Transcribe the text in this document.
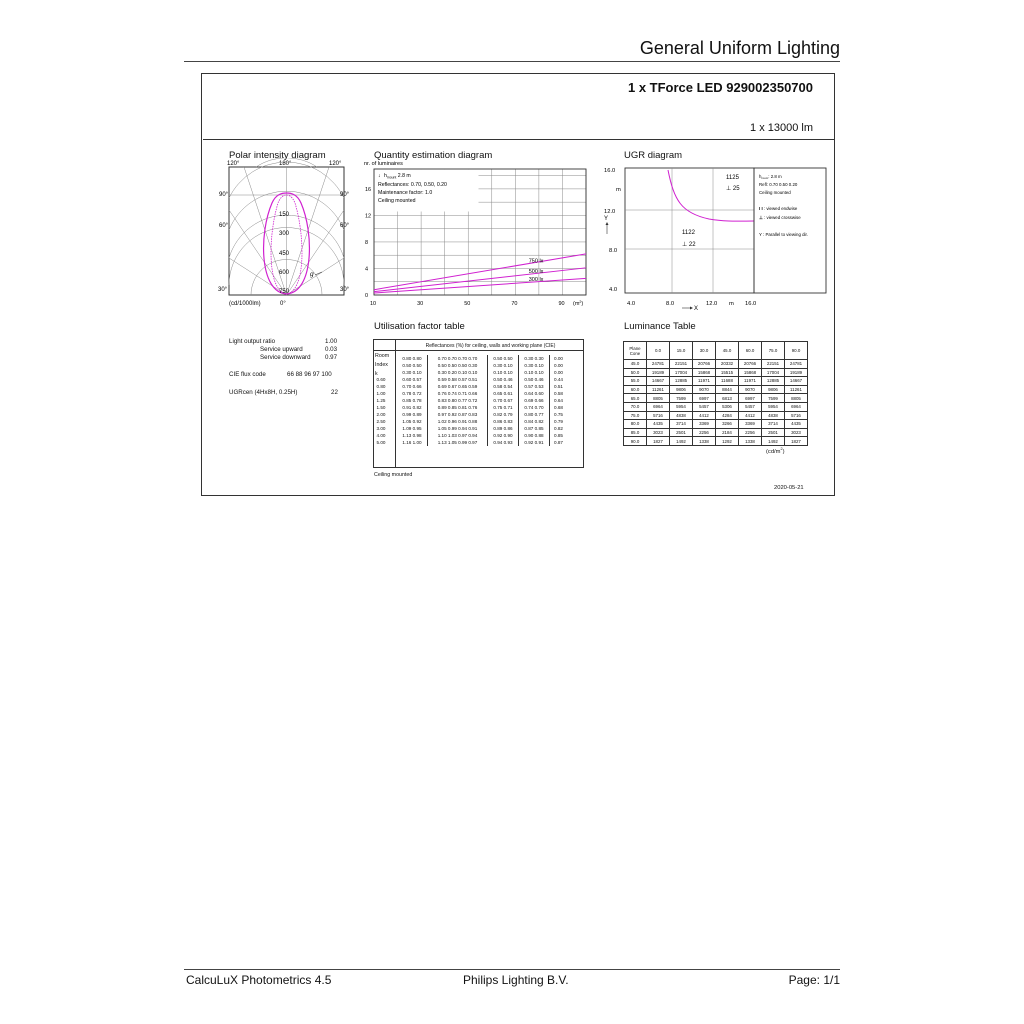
General Uniform Lighting
1 x TForce LED 929002350700
1 x 13000 lm
Polar intensity diagram	Quantity estimation diagram	UGR diagram
Utilisation factor table	Luminance Table
120°	180°	120°
90°	90°
60°	60°
30°	30°
150
300
450
600
750
g
(cd/1000lm)	0°
nr. of luminaires
↓ $h_{mount}$ 2.8 m
Reflectances: 0.70, 0.50, 0.20
Maintenance factor: 1.0
Ceiling mounted
750 lx
500 lx
300 lx
0
4
8
12
16
10	30	50	70	90 $(m^2)$
16.0
m
12.0
8.0
4.0
Y
4.0	8.0	12.0 m 16.0
X
1125
⊥ 25
1122
⊥ 22
$h_{room}$: 2.8 m
Refl: 0.70 0.50 0.20
Ceiling mounted
I I : viewed endwise
⊥ : viewed crosswise
Y : Parallel to viewing dir.
Light output ratio	1.00
Service upward	0.03
Service downward 0.97
CIE flux code	66 88 96 97 100
UGRcen (4Hx8H, 0.25H)	22
Reflectances (%) for ceiling, walls and working plane (CIE)
Room
Index
k
	0.80 0.80	0.70 0.70 0.70 0.70	0.50 0.50	0.30 0.30	0.00
	0.50 0.50	0.50 0.50 0.50 0.30	0.30 0.10	0.30 0.10	0.00
	0.30 0.10	0.30 0.20 0.10 0.10	0.10 0.10	0.10 0.10	0.00

0.60	0.60 0.57	0.59 0.58 0.57 0.51	0.50 0.46	0.50 0.46	0.44
0.80	0.70 0.66	0.69 0.67 0.65 0.59	0.58 0.54	0.57 0.53	0.51
1.00	0.78 0.72	0.76 0.74 0.71 0.66	0.65 0.61	0.64 0.60	0.58
1.25	0.85 0.78	0.83 0.80 0.77 0.72	0.70 0.67	0.69 0.66	0.64
1.50	0.91 0.82	0.89 0.85 0.81 0.76	0.75 0.71	0.74 0.70	0.68
2.00	0.99 0.89	0.97 0.92 0.87 0.83	0.82 0.79	0.80 0.77	0.75
2.50	1.05 0.92	1.02 0.96 0.91 0.88	0.86 0.83	0.84 0.82	0.79
3.00	1.09 0.95	1.05 0.99 0.94 0.91	0.89 0.86	0.87 0.85	0.82
4.00	1.13 0.98	1.10 1.03 0.97 0.94	0.92 0.90	0.90 0.88	0.85
5.00	1.16 1.00	1.13 1.05 0.99 0.97	0.94 0.93	0.92 0.91	0.87
Ceiling mounted
Plane
Cone	0.0	15.0	30.0	45.0	60.0	75.0	90.0
45.0	24781	22151	20766	20332	20766	22151	24781
50.0	19189	17004	15868	15515	15868	17004	19189
55.0	14667	12885	11971	11688	11971	12885	14667
60.0	11261	9806	9070	8844	9070	9806	11261
65.0	8805	7599	6997	6813	6997	7599	8805
70.0	6964	5954	5457	5306	5457	5954	6964
75.0	5716	4838	4412	4284	4412	4838	5716
80.0	4435	3714	3369	3266	3369	3714	4435
85.0	3023	2501	2256	2184	2256	2501	3023
90.0	1827	1492	1338	1292	1338	1492	1827
$(cd/m^2)$
2020-05-21
CalcuLuX Photometrics 4.5	Philips Lighting B.V.	Page: 1/1
